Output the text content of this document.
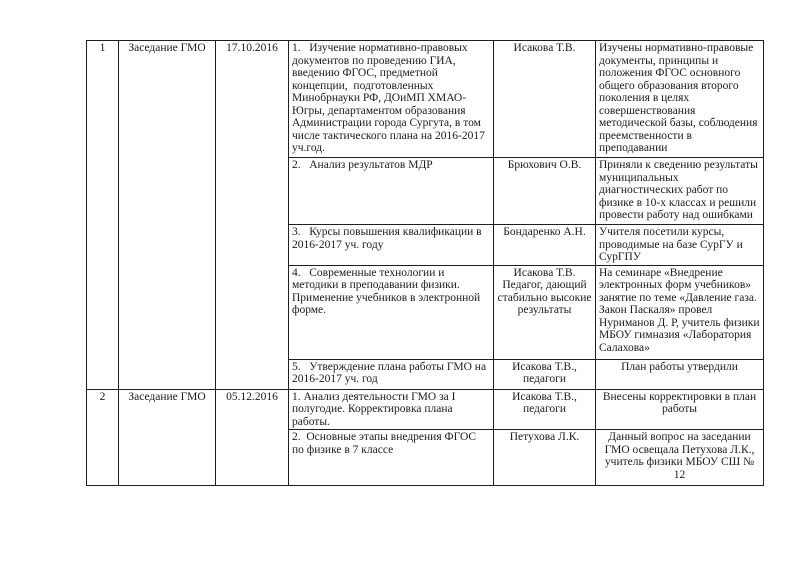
1	Заседание ГМО	17.10.2016	1.   Изучение нормативно-правовых документов по проведению ГИА, введению ФГОС, предметной концепции,  подготовленных Минобрнауки РФ, ДОиМП ХМАО-Югры, департаментом образования Администрации города Сургута, в том числе тактического плана на 2016-2017 уч.год.	Исакова Т.В.	Изучены нормативно-правовые документы, принципы и положения ФГОС основного общего образования второго поколения в целях совершенствования методической базы, соблюдения преемственности в преподавании
			2.   Анализ результатов МДР	Брюхович О.В.	Приняли к сведению результаты муниципальных диагностических работ по физике в 10-х классах и решили провести работу над ошибками
			3.   Курсы повышения квалификации в 2016-2017 уч. году	Бондаренко А.Н.	Учителя посетили курсы, проводимые на базе СурГУ и СурГПУ
			4.   Современные технологии и методики в преподавании физики. Применение учебников в электронной форме.	Исакова Т.В. Педагог, дающий стабильно высокие результаты	На семинаре «Внедрение электронных форм учебников» занятие по теме «Давление газа. Закон Паскаля» провел Нуриманов Д. Р, учитель физики МБОУ гимназия «Лаборатория Салахова»
			5.   Утверждение плана работы ГМО на 2016-2017 уч. год	Исакова Т.В., педагоги	План работы утвердили
2	Заседание ГМО	05.12.2016	1. Анализ деятельности ГМО за I полугодие. Корректировка плана работы.	Исакова Т.В., педагоги	Внесены корректировки в план работы
			2.  Основные этапы внедрения ФГОС по физике в 7 классе	Петухова Л.К.	Данный вопрос на заседании ГМО освещала Петухова Л.К., учитель физики МБОУ СШ № 12
